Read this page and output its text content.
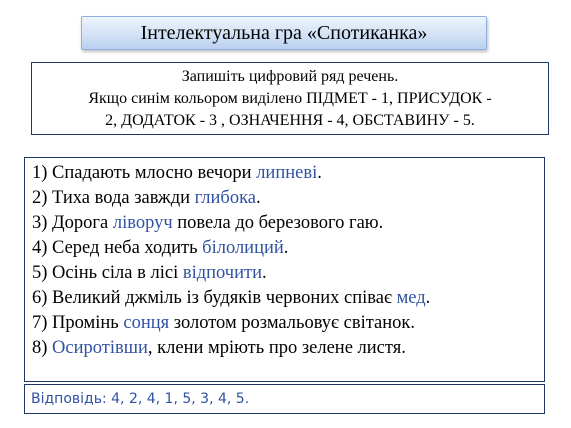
Інтелектуальна гра «Спотиканка»
Запишіть цифровий ряд речень.
Якщо синім кольором виділено ПІДМЕТ - 1, ПРИСУДОК -
2, ДОДАТОК - 3 , ОЗНАЧЕННЯ - 4, ОБСТАВИНУ - 5.
1) Спадають млосно вечори липневі.
2) Тиха вода завжди глибока.
3) Дорога ліворуч повела до березового гаю.
4) Серед неба ходить білолиций.
5) Осінь сіла в лісі відпочити.
6) Великий джміль із будяків червоних співає мед.
7) Промінь сонця золотом розмальовує світанок.
8) Осиротівши, клени мріють про зелене листя.
Відповідь: 4, 2, 4, 1, 5, 3, 4, 5.
